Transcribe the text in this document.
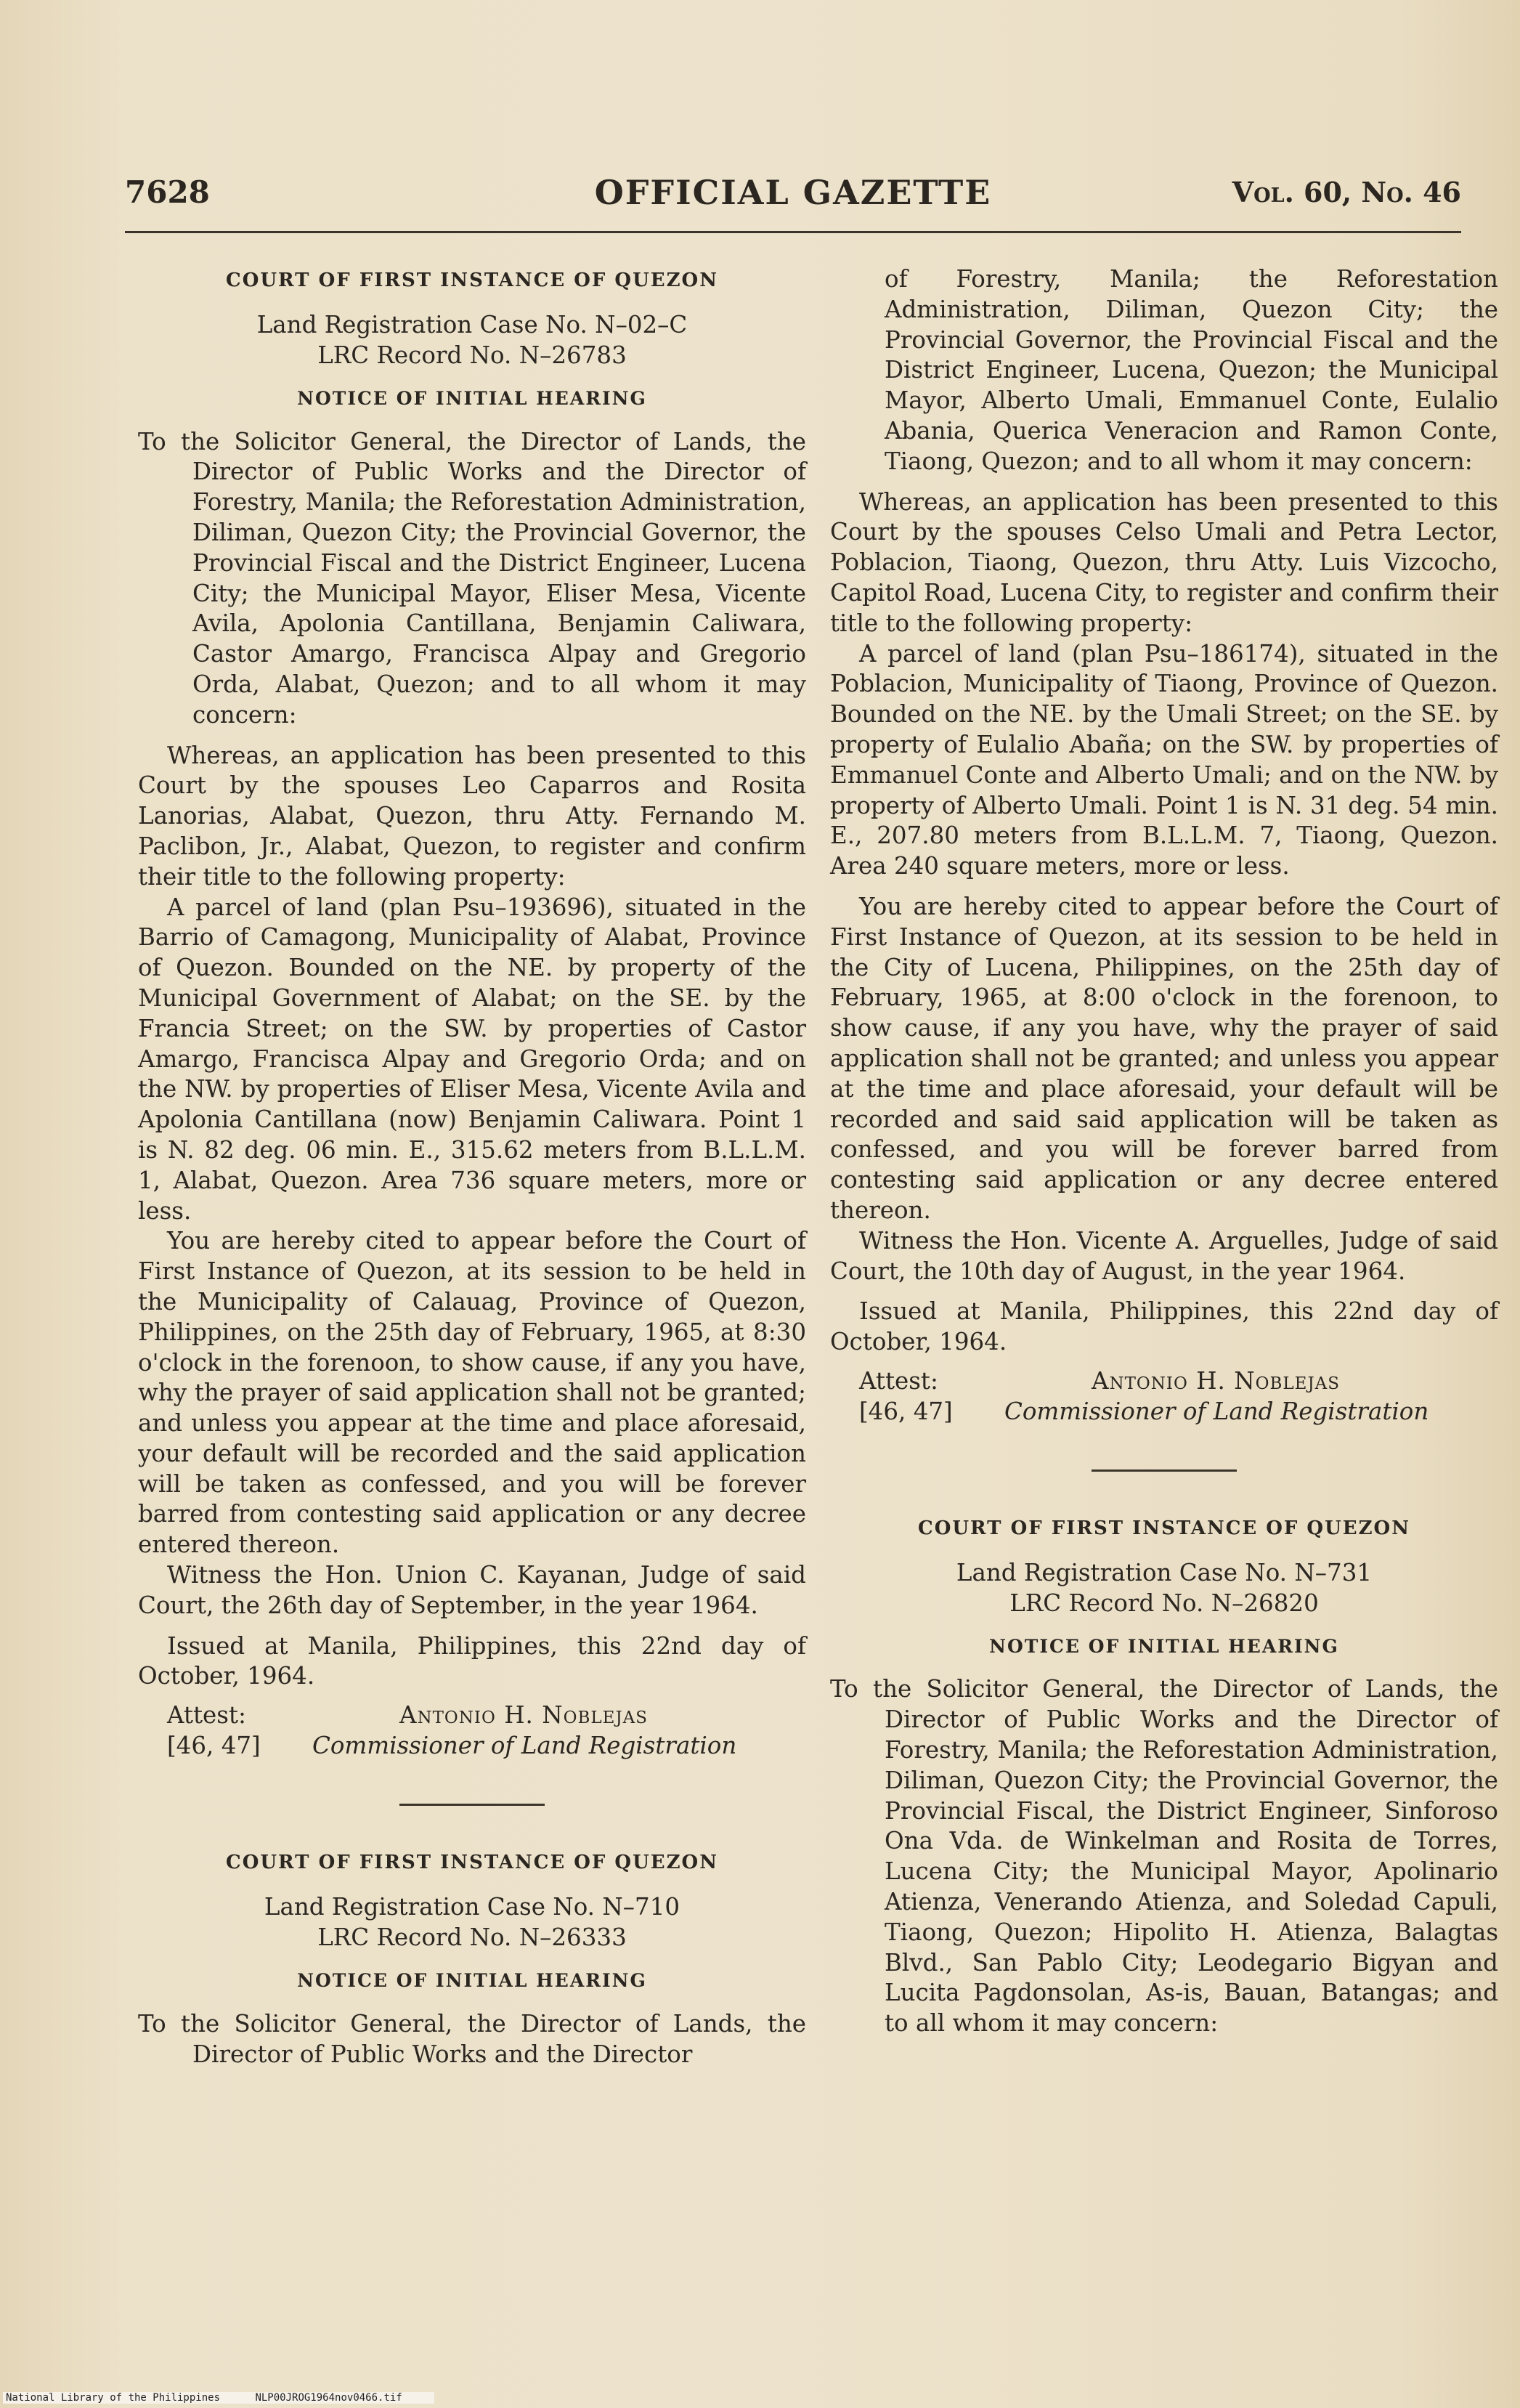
7628	OFFICIAL GAZETTE	Vol. 60, No. 46
COURT OF FIRST INSTANCE OF QUEZON
Land Registration Case No. N–02–C
LRC Record No. N–26783
NOTICE OF INITIAL HEARING

To the Solicitor General, the Director of Lands, the Director of Public Works and the Director of Forestry, Manila; the Reforestation Administration, Diliman, Quezon City; the Provincial Governor, the Provincial Fiscal and the District Engineer, Lucena City; the Municipal Mayor, Eliser Mesa, Vicente Avila, Apolonia Cantillana, Benjamin Caliwara, Castor Amargo, Francisca Alpay and Gregorio Orda, Alabat, Quezon; and to all whom it may concern:

Whereas, an application has been presented to this Court by the spouses Leo Caparros and Rosita Lanorias, Alabat, Quezon, thru Atty. Fernando M. Paclibon, Jr., Alabat, Quezon, to register and confirm their title to the following property:

A parcel of land (plan Psu–193696), situated in the Barrio of Camagong, Municipality of Alabat, Province of Quezon. Bounded on the NE. by property of the Municipal Government of Alabat; on the SE. by the Francia Street; on the SW. by properties of Castor Amargo, Francisca Alpay and Gregorio Orda; and on the NW. by properties of Eliser Mesa, Vicente Avila and Apolonia Cantillana (now) Benjamin Caliwara. Point 1 is N. 82 deg. 06 min. E., 315.62 meters from B.L.L.M. 1, Alabat, Quezon. Area 736 square meters, more or less.

You are hereby cited to appear before the Court of First Instance of Quezon, at its session to be held in the Municipality of Calauag, Province of Quezon, Philippines, on the 25th day of February, 1965, at 8:30 o'clock in the forenoon, to show cause, if any you have, why the prayer of said application shall not be granted; and unless you appear at the time and place aforesaid, your default will be recorded and the said application will be taken as confessed, and you will be forever barred from contesting said application or any decree entered thereon.

Witness the Hon. Union C. Kayanan, Judge of said Court, the 26th day of September, in the year 1964.

Issued at Manila, Philippines, this 22nd day of October, 1964.

Attest:	Antonio H. Noblejas
[46, 47] Commissioner of Land Registration
COURT OF FIRST INSTANCE OF QUEZON
Land Registration Case No. N–710
LRC Record No. N–26333
NOTICE OF INITIAL HEARING

To the Solicitor General, the Director of Lands, the Director of Public Works and the Director

of Forestry, Manila; the Reforestation Administration, Diliman, Quezon City; the Provincial Governor, the Provincial Fiscal and the District Engineer, Lucena, Quezon; the Municipal Mayor, Alberto Umali, Emmanuel Conte, Eulalio Abania, Querica Veneracion and Ramon Conte, Tiaong, Quezon; and to all whom it may concern:

Whereas, an application has been presented to this Court by the spouses Celso Umali and Petra Lector, Poblacion, Tiaong, Quezon, thru Atty. Luis Vizcocho, Capitol Road, Lucena City, to register and confirm their title to the following property:

A parcel of land (plan Psu–186174), situated in the Poblacion, Municipality of Tiaong, Province of Quezon. Bounded on the NE. by the Umali Street; on the SE. by property of Eulalio Abaña; on the SW. by properties of Emmanuel Conte and Alberto Umali; and on the NW. by property of Alberto Umali. Point 1 is N. 31 deg. 54 min. E., 207.80 meters from B.L.L.M. 7, Tiaong, Quezon. Area 240 square meters, more or less.

You are hereby cited to appear before the Court of First Instance of Quezon, at its session to be held in the City of Lucena, Philippines, on the 25th day of February, 1965, at 8:00 o'clock in the forenoon, to show cause, if any you have, why the prayer of said application shall not be granted; and unless you appear at the time and place aforesaid, your default will be recorded and said said application will be taken as confessed, and you will be forever barred from contesting said application or any decree entered thereon.

Witness the Hon. Vicente A. Arguelles, Judge of said Court, the 10th day of August, in the year 1964.

Issued at Manila, Philippines, this 22nd day of October, 1964.

Attest:	Antonio H. Noblejas
[46, 47] Commissioner of Land Registration
COURT OF FIRST INSTANCE OF QUEZON
Land Registration Case No. N–731
LRC Record No. N–26820
NOTICE OF INITIAL HEARING

To the Solicitor General, the Director of Lands, the Director of Public Works and the Director of Forestry, Manila; the Reforestation Administration, Diliman, Quezon City; the Provincial Governor, the Provincial Fiscal, the District Engineer, Sinforoso Ona Vda. de Winkelman and Rosita de Torres, Lucena City; the Municipal Mayor, Apolinario Atienza, Venerando Atienza, and Soledad Capuli, Tiaong, Quezon; Hipolito H. Atienza, Balagtas Blvd., San Pablo City; Leodegario Bigyan and Lucita Pagdonsolan, As-is, Bauan, Batangas; and to all whom it may concern:

National Library of the Philippines	NLP00JROG1964nov0466.tif
